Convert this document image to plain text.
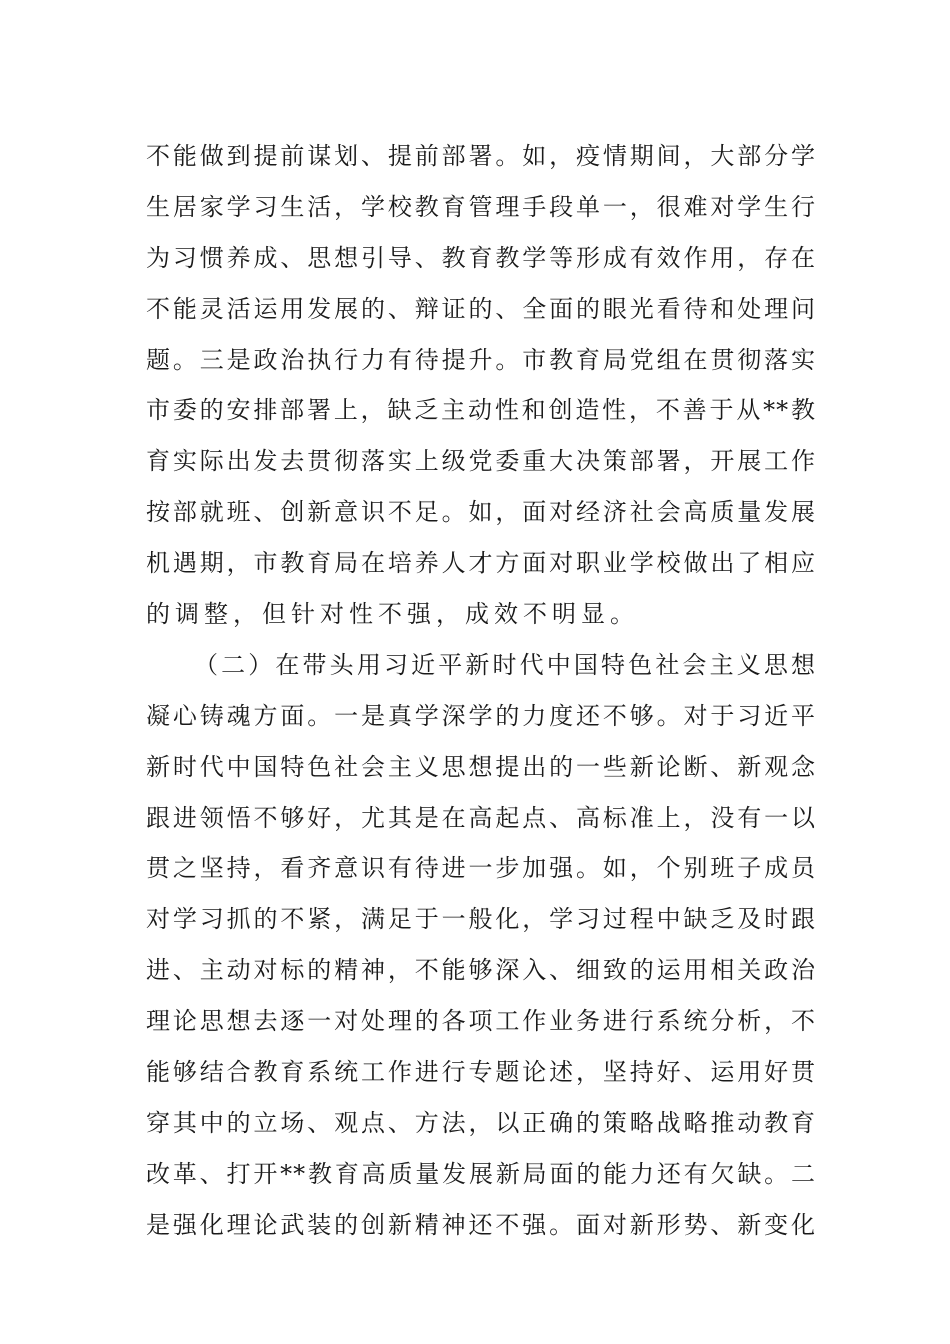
不能做到提前谋划、提前部署。如，疫情期间，大部分学
生居家学习生活，学校教育管理手段单一，很难对学生行
为习惯养成、思想引导、教育教学等形成有效作用，存在
不能灵活运用发展的、辩证的、全面的眼光看待和处理问
题。三是政治执行力有待提升。市教育局党组在贯彻落实
市委的安排部署上，缺乏主动性和创造性，不善于从**教
育实际出发去贯彻落实上级党委重大决策部署，开展工作
按部就班、创新意识不足。如，面对经济社会高质量发展
机遇期，市教育局在培养人才方面对职业学校做出了相应
的调整，但针对性不强，成效不明显。
（二）在带头用习近平新时代中国特色社会主义思想
凝心铸魂方面。一是真学深学的力度还不够。对于习近平
新时代中国特色社会主义思想提出的一些新论断、新观念
跟进领悟不够好，尤其是在高起点、高标准上，没有一以
贯之坚持，看齐意识有待进一步加强。如，个别班子成员
对学习抓的不紧，满足于一般化，学习过程中缺乏及时跟
进、主动对标的精神，不能够深入、细致的运用相关政治
理论思想去逐一对处理的各项工作业务进行系统分析，不
能够结合教育系统工作进行专题论述，坚持好、运用好贯
穿其中的立场、观点、方法，以正确的策略战略推动教育
改革、打开**教育高质量发展新局面的能力还有欠缺。二
是强化理论武装的创新精神还不强。面对新形势、新变化
